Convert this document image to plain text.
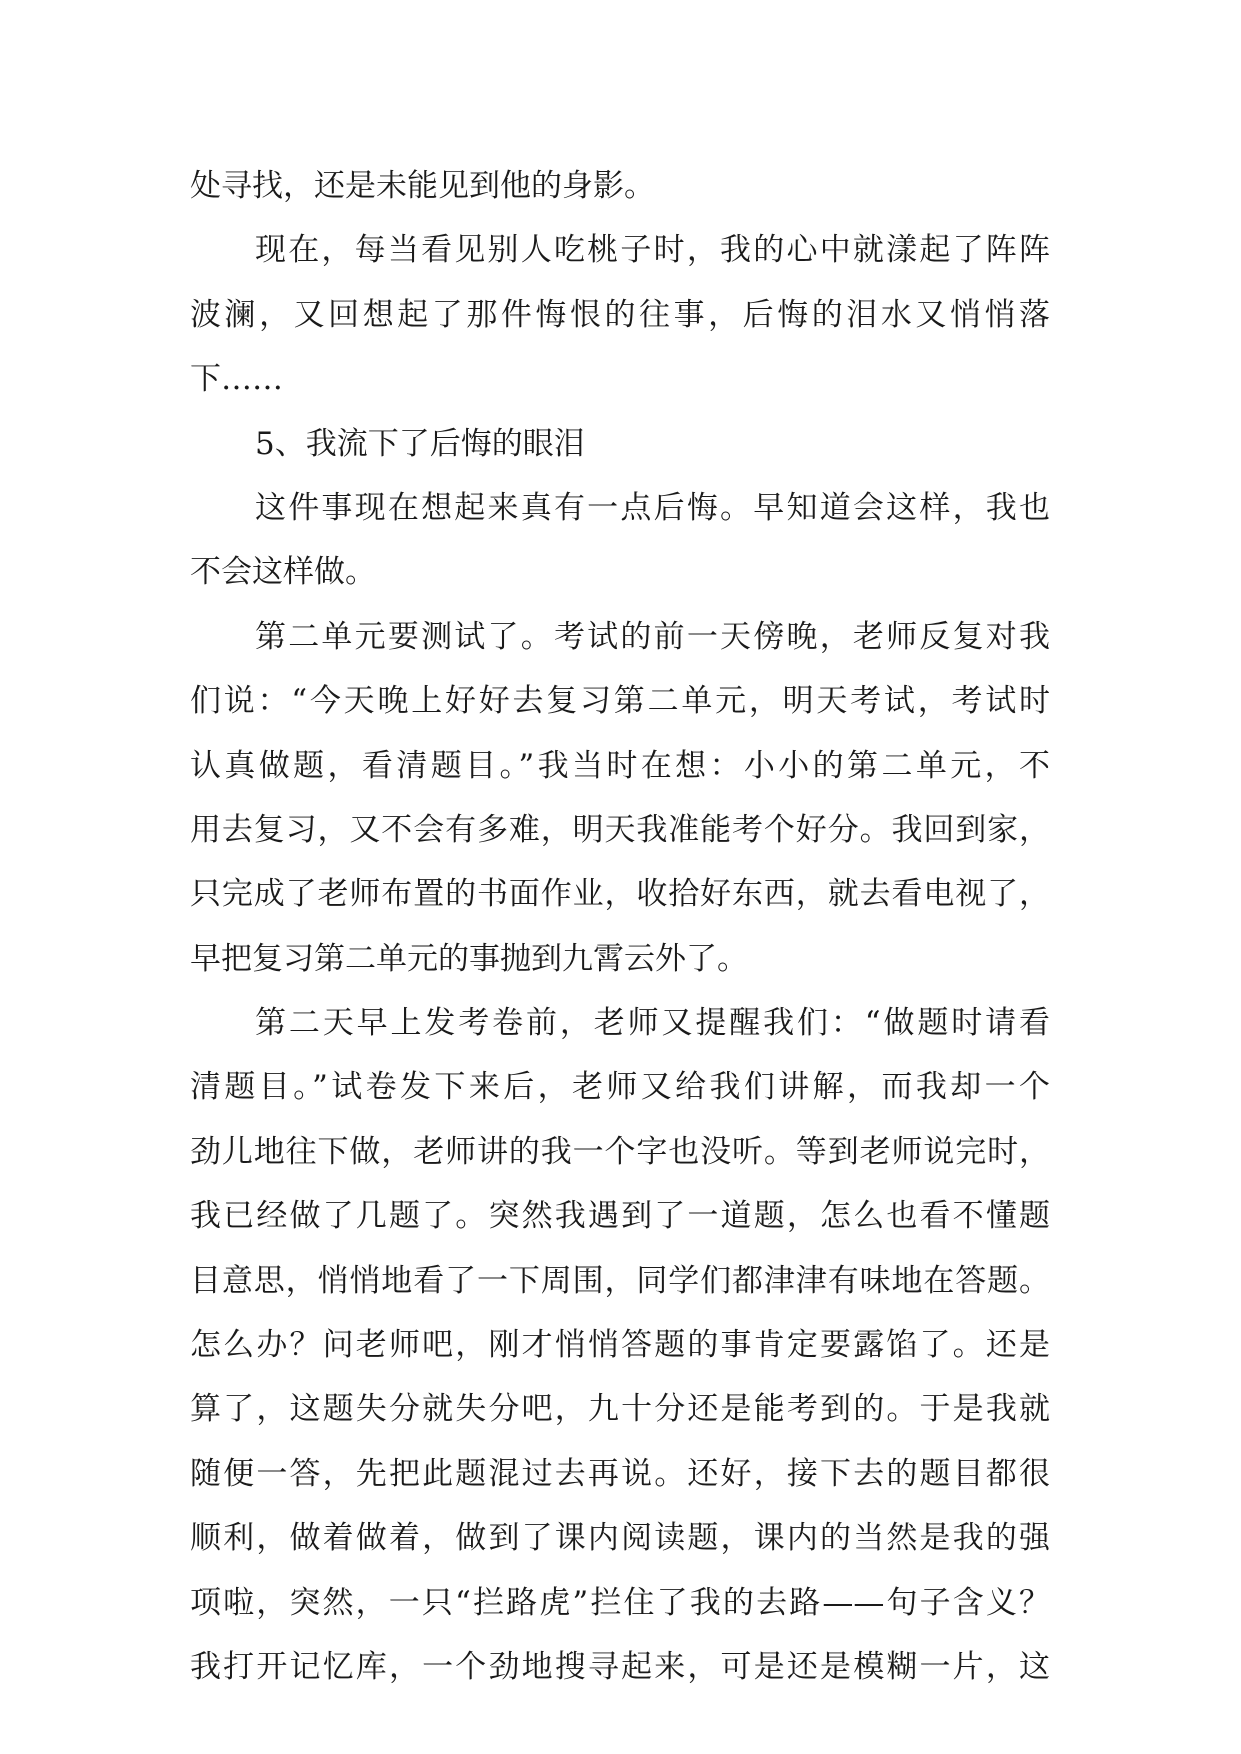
处寻找，还是未能见到他的身影。
现在，每当看见别人吃桃子时，我的心中就漾起了阵阵
波澜，又回想起了那件悔恨的往事，后悔的泪水又悄悄落
下……
5、我流下了后悔的眼泪
这件事现在想起来真有一点后悔。早知道会这样，我也
不会这样做。
第二单元要测试了。考试的前一天傍晚，老师反复对我
们说：“今天晚上好好去复习第二单元，明天考试，考试时
认真做题，看清题目。”我当时在想：小小的第二单元，不
用去复习，又不会有多难，明天我准能考个好分。我回到家，
只完成了老师布置的书面作业，收拾好东西，就去看电视了，
早把复习第二单元的事抛到九霄云外了。
第二天早上发考卷前，老师又提醒我们：“做题时请看
清题目。”试卷发下来后，老师又给我们讲解，而我却一个
劲儿地往下做，老师讲的我一个字也没听。等到老师说完时，
我已经做了几题了。突然我遇到了一道题，怎么也看不懂题
目意思，悄悄地看了一下周围，同学们都津津有味地在答题。
怎么办？问老师吧，刚才悄悄答题的事肯定要露馅了。还是
算了，这题失分就失分吧，九十分还是能考到的。于是我就
随便一答，先把此题混过去再说。还好，接下去的题目都很
顺利，做着做着，做到了课内阅读题，课内的当然是我的强
项啦，突然，一只“拦路虎”拦住了我的去路——句子含义？
我打开记忆库，一个劲地搜寻起来，可是还是模糊一片，这
